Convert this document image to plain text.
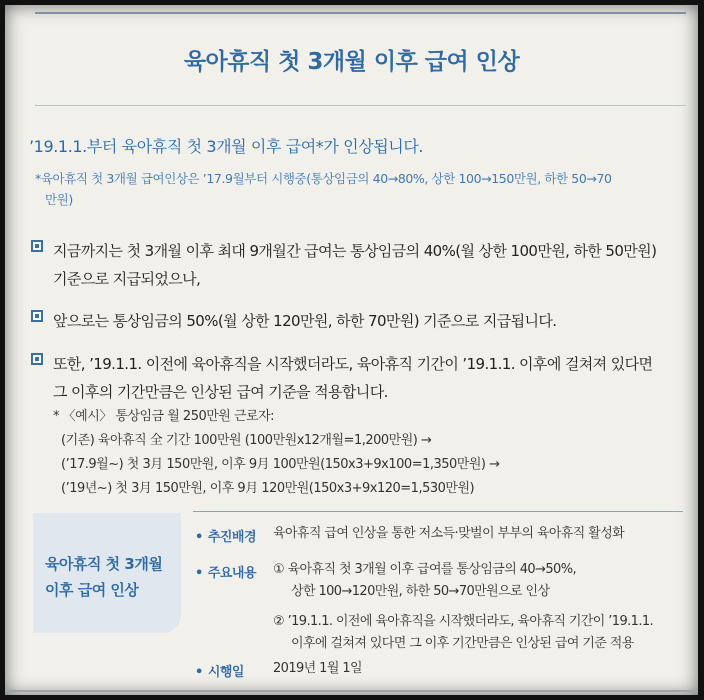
육아휴직 첫 3개월 이후 급여 인상
’19.1.1.부터 육아휴직 첫 3개월 이후 급여*가 인상됩니다.
*육아휴직 첫 3개월 급여인상은 ’17.9월부터 시행중(통상임금의 40→80%, 상한 100→150만원, 하한 50→70
만원)
지금까지는 첫 3개월 이후 최대 9개월간 급여는 통상임금의 40%(월 상한 100만원, 하한 50만원)
기준으로 지급되었으나,
앞으로는 통상임금의 50%(월 상한 120만원, 하한 70만원) 기준으로 지급됩니다.
또한, ’19.1.1. 이전에 육아휴직을 시작했더라도, 육아휴직 기간이 ’19.1.1. 이후에 걸쳐져 있다면
그 이후의 기간만큼은 인상된 급여 기준을 적용합니다.
* 〈예시〉 통상임금 월 250만원 근로자:
(기존) 육아휴직 全 기간 100만원 (100만원x12개월=1,200만원) →
(’17.9월~) 첫 3月 150만원, 이후 9月 100만원(150x3+9x100=1,350만원) →
(’19년~) 첫 3月 150만원, 이후 9月 120만원(150x3+9x120=1,530만원)
육아휴직 첫 3개월
이후 급여 인상
• 추진배경 육아휴직 급여 인상을 통한 저소득·맞벌이 부부의 육아휴직 활성화
• 주요내용 ① 육아휴직 첫 3개월 이후 급여를 통상임금의 40→50%,
상한 100→120만원, 하한 50→70만원으로 인상
② ’19.1.1. 이전에 육아휴직을 시작했더라도, 육아휴직 기간이 ’19.1.1.
이후에 걸쳐져 있다면 그 이후 기간만큼은 인상된 급여 기준 적용
• 시행일 2019년 1월 1일
